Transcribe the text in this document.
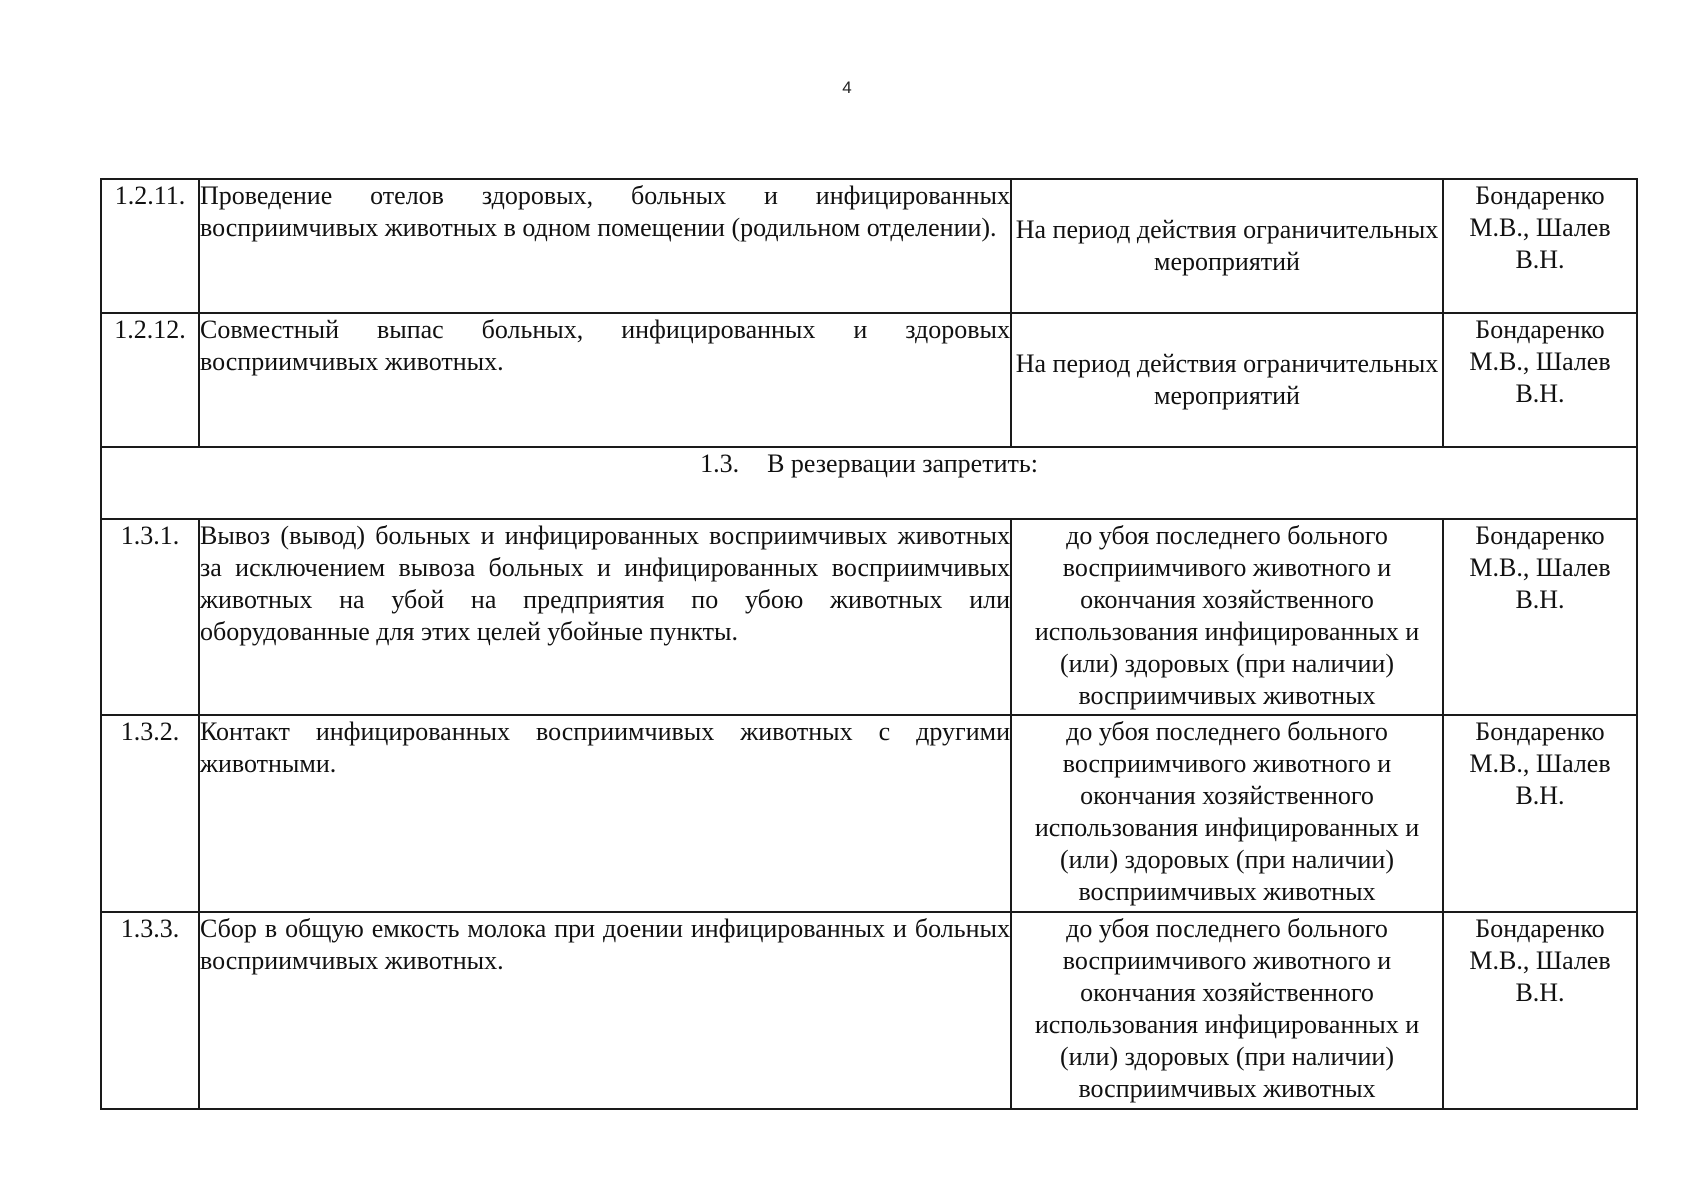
4
1.2.11.	Проведение отелов здоровых, больных и инфицированных восприимчивых животных в одном помещении (родильном отделении).	На период действия ограничительных мероприятий	Бондаренко М.В., Шалев В.Н.
1.2.12.	Совместный выпас больных, инфицированных и здоровых восприимчивых животных.	На период действия ограничительных мероприятий	Бондаренко М.В., Шалев В.Н.
1.3. В резервации запретить:			
1.3.1.	Вывоз (вывод) больных и инфицированных восприимчивых животных за исключением вывоза больных и инфицированных восприимчивых животных на убой на предприятия по убою животных или оборудованные для этих целей убойные пункты.	до убоя последнего больного восприимчивого животного и окончания хозяйственного использования инфицированных и (или) здоровых (при наличии) восприимчивых животных	Бондаренко М.В., Шалев В.Н.
1.3.2.	Контакт инфицированных восприимчивых животных с другими животными.	до убоя последнего больного восприимчивого животного и окончания хозяйственного использования инфицированных и (или) здоровых (при наличии) восприимчивых животных	Бондаренко М.В., Шалев В.Н.
1.3.3.	Сбор в общую емкость молока при доении инфицированных и больных восприимчивых животных.	до убоя последнего больного восприимчивого животного и окончания хозяйственного использования инфицированных и (или) здоровых (при наличии) восприимчивых животных	Бондаренко М.В., Шалев В.Н.
